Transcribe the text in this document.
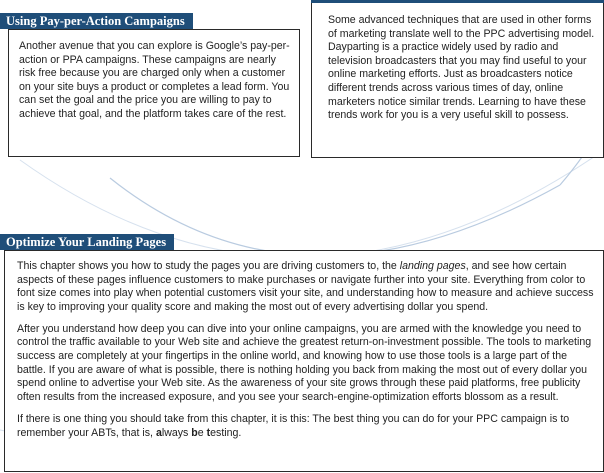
Using Pay-per-Action Campaigns

Another avenue that you can explore is Google’s pay-per-action or PPA campaigns. These campaigns are nearly risk free because you are charged only when a customer on your site buys a product or completes a lead form. You can set the goal and the price you are willing to pay to achieve that goal, and the platform takes care of the rest.

Some advanced techniques that are used in other forms of marketing translate well to the PPC advertising model. Dayparting is a practice widely used by radio and television broadcasters that you may find useful to your online marketing efforts. Just as broadcasters notice different trends across various times of day, online marketers notice similar trends. Learning to have these trends work for you is a very useful skill to possess.

Optimize Your Landing Pages

This chapter shows you how to study the pages you are driving customers to, the landing pages, and see how certain aspects of these pages influence customers to make purchases or navigate further into your site. Everything from color to font size comes into play when potential customers visit your site, and understanding how to measure and achieve success is key to improving your quality score and making the most out of every advertising dollar you spend.

After you understand how deep you can dive into your online campaigns, you are armed with the knowledge you need to control the traffic available to your Web site and achieve the greatest return-on-investment possible. The tools to marketing success are completely at your fingertips in the online world, and knowing how to use those tools is a large part of the battle. If you are aware of what is possible, there is nothing holding you back from making the most out of every dollar you spend online to advertise your Web site. As the awareness of your site grows through these paid platforms, free publicity often results from the increased exposure, and you see your search-engine-optimization efforts blossom as a result.

If there is one thing you should take from this chapter, it is this: The best thing you can do for your PPC campaign is to remember your ABTs, that is, always be testing.
